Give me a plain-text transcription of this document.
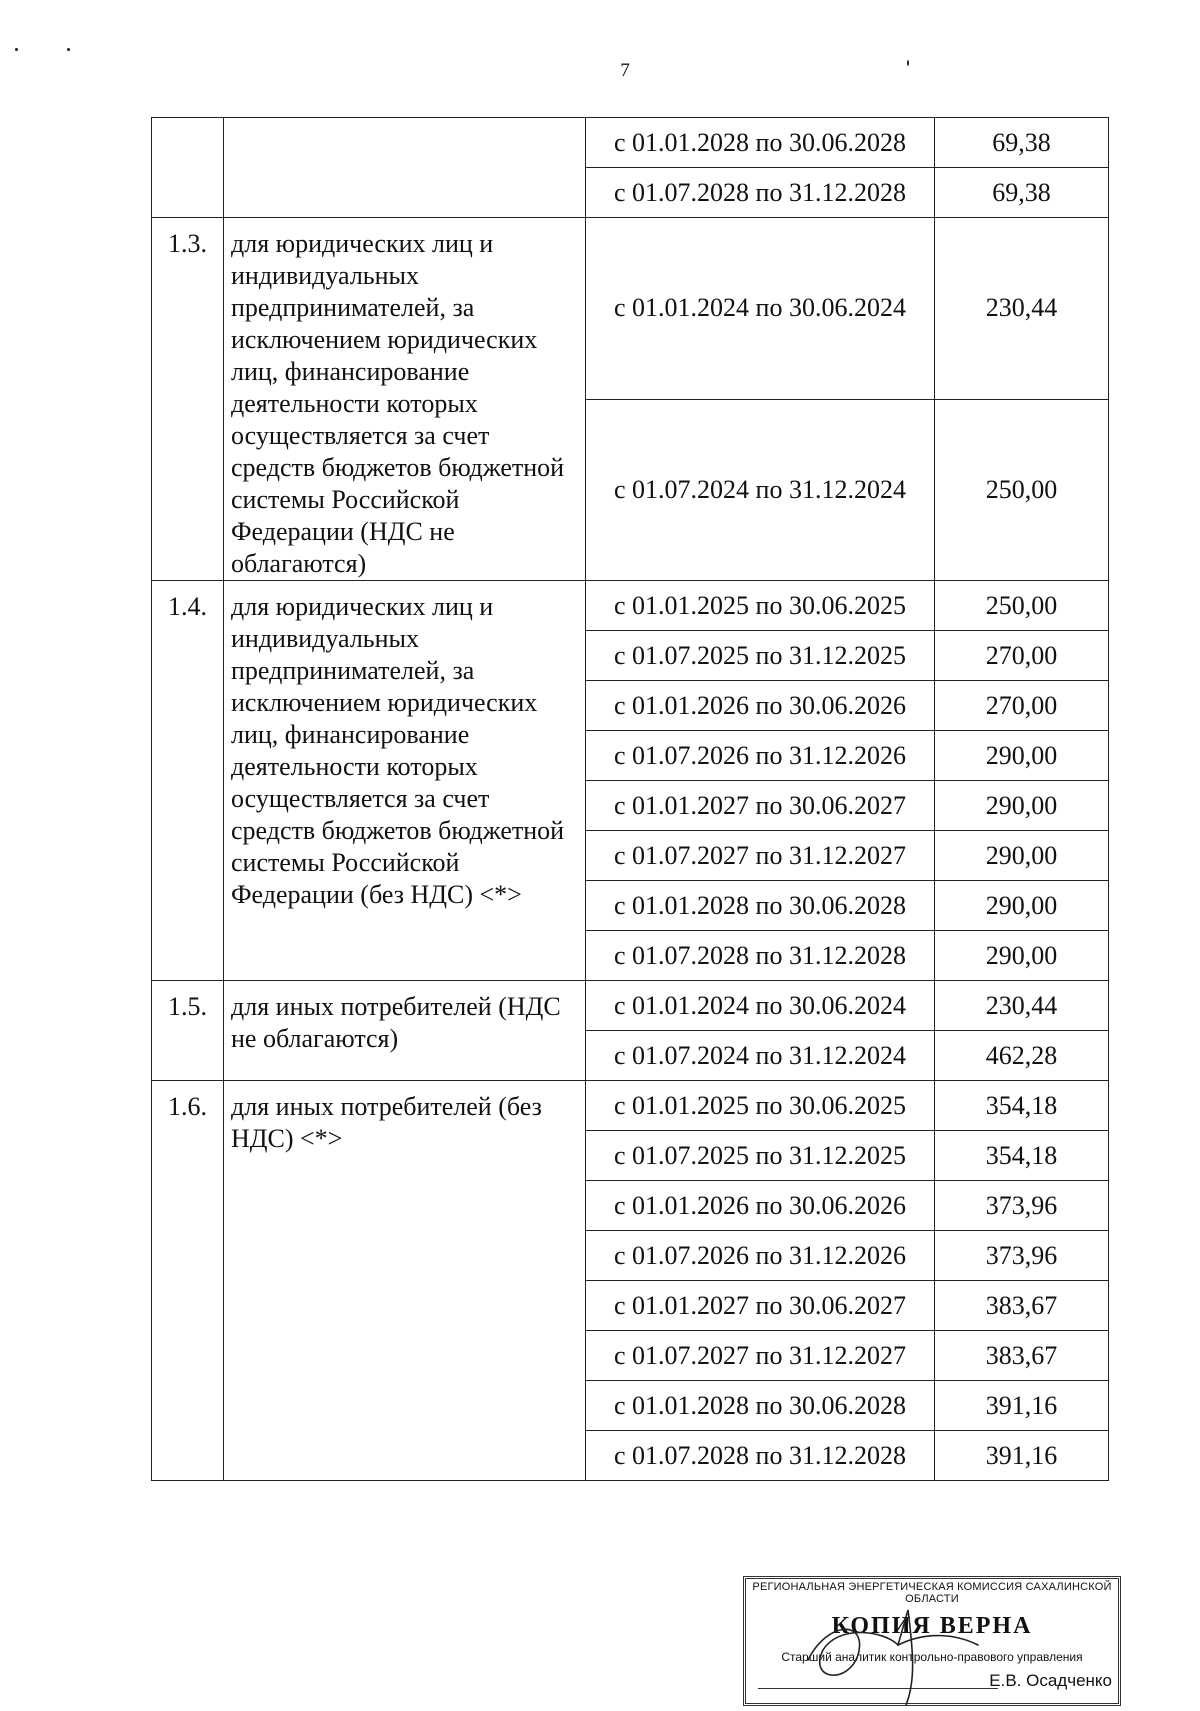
7
		с 01.01.2028 по 30.06.2028	69,38
		с 01.07.2028 по 31.12.2028	69,38
1.3.	для юридических лиц и индивидуальных предпринимателей, за исключением юридических лиц, финансирование деятельности которых осуществляется за счет средств бюджетов бюджетной системы Российской Федерации (НДС не облагаются)	с 01.01.2024 по 30.06.2024	230,44
		с 01.07.2024 по 31.12.2024	250,00
1.4.	для юридических лиц и индивидуальных предпринимателей, за исключением юридических лиц, финансирование деятельности которых осуществляется за счет средств бюджетов бюджетной системы Российской Федерации (без НДС) <*>	с 01.01.2025 по 30.06.2025	250,00
		с 01.07.2025 по 31.12.2025	270,00
		с 01.01.2026 по 30.06.2026	270,00
		с 01.07.2026 по 31.12.2026	290,00
		с 01.01.2027 по 30.06.2027	290,00
		с 01.07.2027 по 31.12.2027	290,00
		с 01.01.2028 по 30.06.2028	290,00
		с 01.07.2028 по 31.12.2028	290,00
1.5.	для иных потребителей (НДС не облагаются)	с 01.01.2024 по 30.06.2024	230,44
		с 01.07.2024 по 31.12.2024	462,28
1.6.	для иных потребителей (без НДС) <*>	с 01.01.2025 по 30.06.2025	354,18
		с 01.07.2025 по 31.12.2025	354,18
		с 01.01.2026 по 30.06.2026	373,96
		с 01.07.2026 по 31.12.2026	373,96
		с 01.01.2027 по 30.06.2027	383,67
		с 01.07.2027 по 31.12.2027	383,67
		с 01.01.2028 по 30.06.2028	391,16
		с 01.07.2028 по 31.12.2028	391,16
РЕГИОНАЛЬНАЯ ЭНЕРГЕТИЧЕСКАЯ КОМИССИЯ САХАЛИНСКОЙ ОБЛАСТИ
КОПИЯ ВЕРНА
Старший аналитик контрольно-правового управления
Е.В. Осадченко
